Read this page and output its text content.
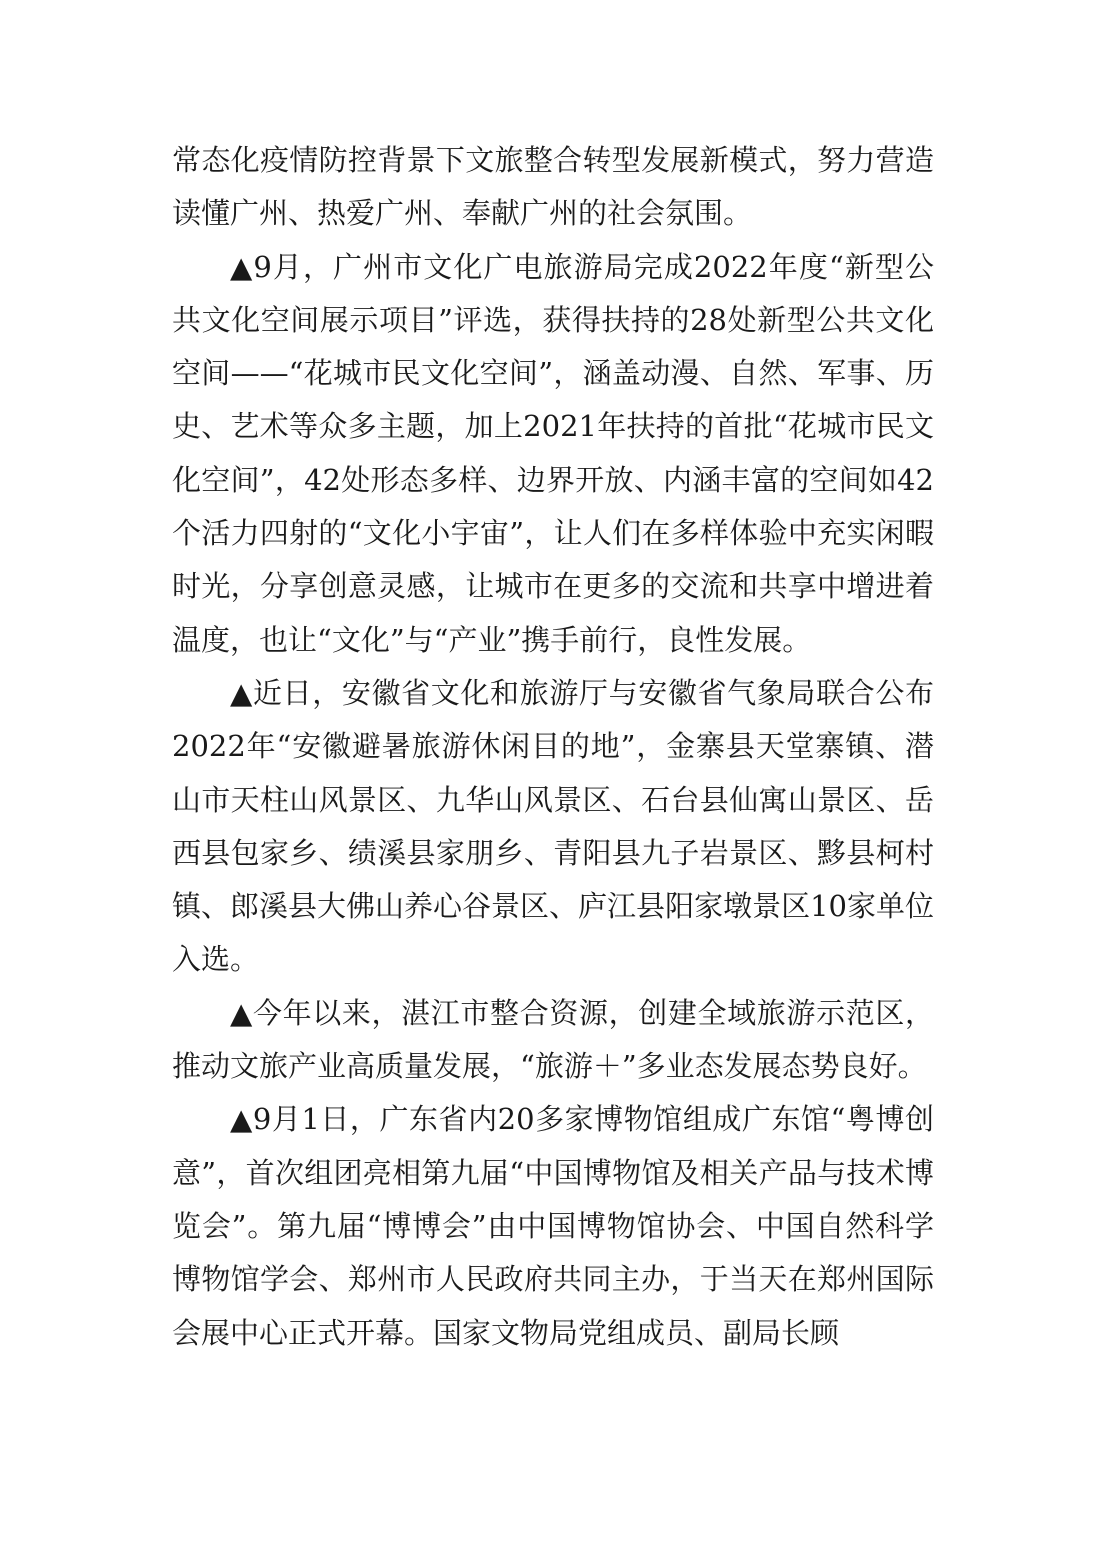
常态化疫情防控背景下文旅整合转型发展新模式，努力营造读懂广州、热爱广州、奉献广州的社会氛围。

▲9月，广州市文化广电旅游局完成2022年度“新型公共文化空间展示项目”评选，获得扶持的28处新型公共文化空间——“花城市民文化空间”，涵盖动漫、自然、军事、历史、艺术等众多主题，加上2021年扶持的首批“花城市民文化空间”，42处形态多样、边界开放、内涵丰富的空间如42个活力四射的“文化小宇宙”，让人们在多样体验中充实闲暇时光，分享创意灵感，让城市在更多的交流和共享中增进着温度，也让“文化”与“产业”携手前行，良性发展。

▲近日，安徽省文化和旅游厅与安徽省气象局联合公布2022年“安徽避暑旅游休闲目的地”，金寨县天堂寨镇、潜山市天柱山风景区、九华山风景区、石台县仙寓山景区、岳西县包家乡、绩溪县家朋乡、青阳县九子岩景区、黟县柯村镇、郎溪县大佛山养心谷景区、庐江县阳家墩景区10家单位入选。

▲今年以来，湛江市整合资源，创建全域旅游示范区，推动文旅产业高质量发展，“旅游＋”多业态发展态势良好。

▲9月1日，广东省内20多家博物馆组成广东馆“粤博创意”，首次组团亮相第九届“中国博物馆及相关产品与技术博览会”。第九届“博博会”由中国博物馆协会、中国自然科学博物馆学会、郑州市人民政府共同主办，于当天在郑州国际会展中心正式开幕。国家文物局党组成员、副局长顾
